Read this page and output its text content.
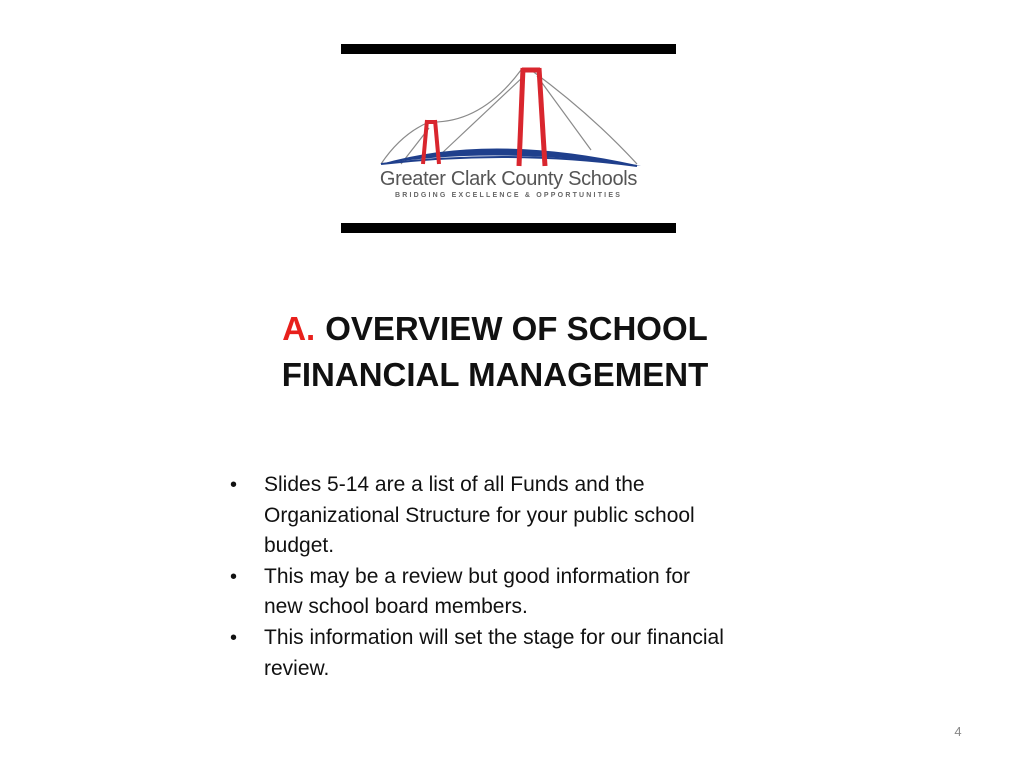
Greater Clark County Schools
BRIDGING EXCELLENCE & OPPORTUNITIES
A. OVERVIEW OF SCHOOL
FINANCIAL MANAGEMENT
• Slides 5-14 are a list of all Funds and the Organizational Structure for your public school budget.
• This may be a review but good information for new school board members.
• This information will set the stage for our financial review.
4
